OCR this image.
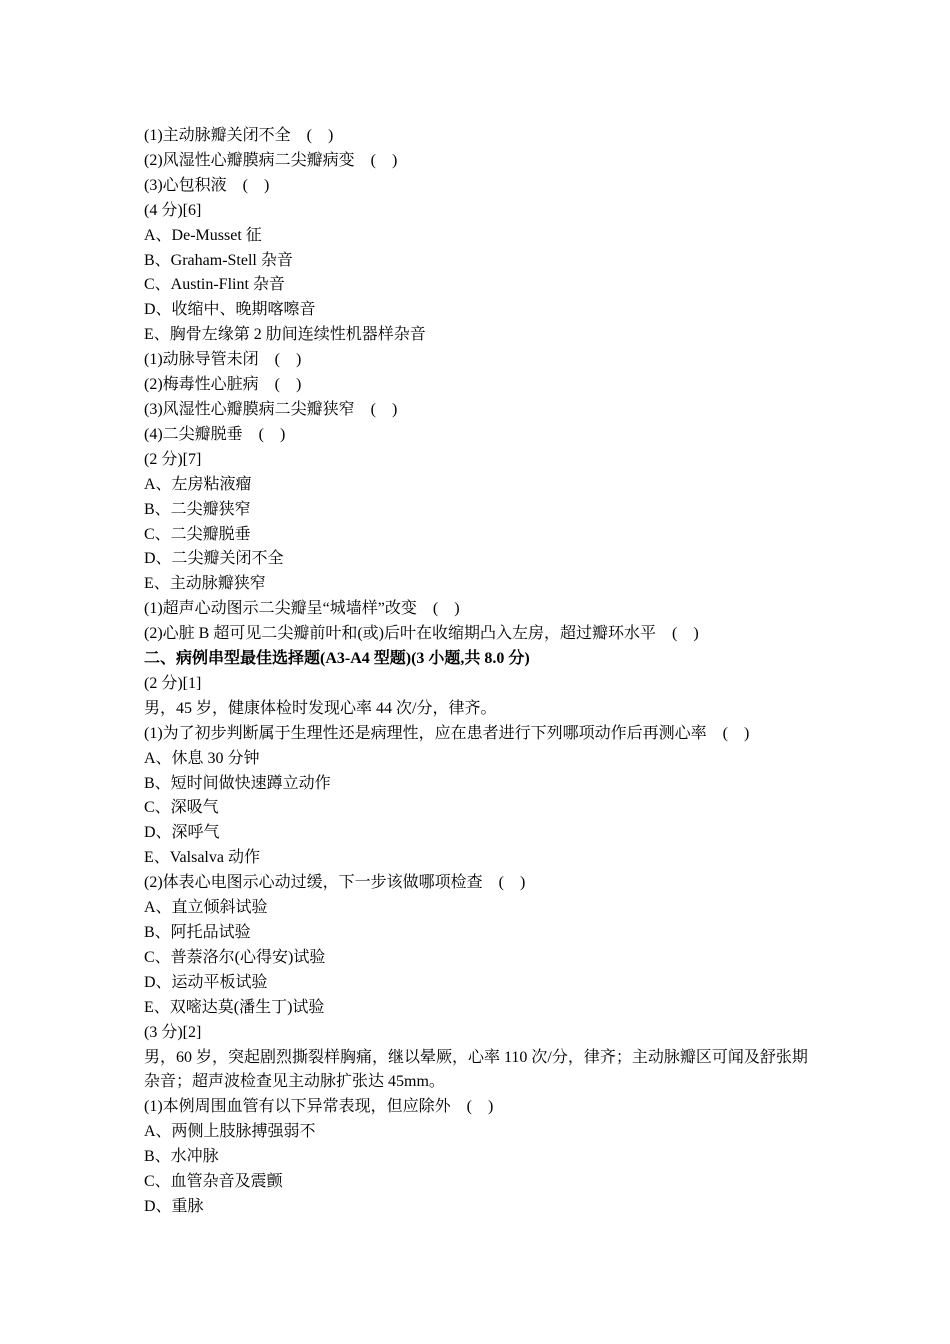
(1)主动脉瓣关闭不全    (    )

(2)风湿性心瓣膜病二尖瓣病变    (    )

(3)心包积液    (    )

(4 分)[6]

A、De-Musset 征

B、Graham-Stell 杂音

C、Austin-Flint 杂音

D、收缩中、晚期喀嚓音

E、胸骨左缘第 2 肋间连续性机器样杂音

(1)动脉导管未闭    (    )

(2)梅毒性心脏病    (    )

(3)风湿性心瓣膜病二尖瓣狭窄    (    )

(4)二尖瓣脱垂    (    )

(2 分)[7]

A、左房粘液瘤

B、二尖瓣狭窄

C、二尖瓣脱垂

D、二尖瓣关闭不全

E、主动脉瓣狭窄

(1)超声心动图示二尖瓣呈“城墙样”改变    (    )

(2)心脏 B 超可见二尖瓣前叶和(或)后叶在收缩期凸入左房，超过瓣环水平    (    )

二、病例串型最佳选择题(A3-A4 型题)(3 小题,共 8.0 分)

(2 分)[1]

男，45 岁，健康体检时发现心率 44 次/分，律齐。

(1)为了初步判断属于生理性还是病理性，应在患者进行下列哪项动作后再测心率    (    )

A、休息 30 分钟

B、短时间做快速蹲立动作

C、深吸气

D、深呼气

E、Valsalva 动作

(2)体表心电图示心动过缓，下一步该做哪项检查    (    )

A、直立倾斜试验

B、阿托品试验

C、普萘洛尔(心得安)试验

D、运动平板试验

E、双嘧达莫(潘生丁)试验

(3 分)[2]

男，60 岁，突起剧烈撕裂样胸痛，继以晕厥，心率 110 次/分，律齐；主动脉瓣区可闻及舒张期杂音；超声波检查见主动脉扩张达 45mm。

(1)本例周围血管有以下异常表现，但应除外    (    )

A、两侧上肢脉搏强弱不

B、水冲脉

C、血管杂音及震颤

D、重脉
